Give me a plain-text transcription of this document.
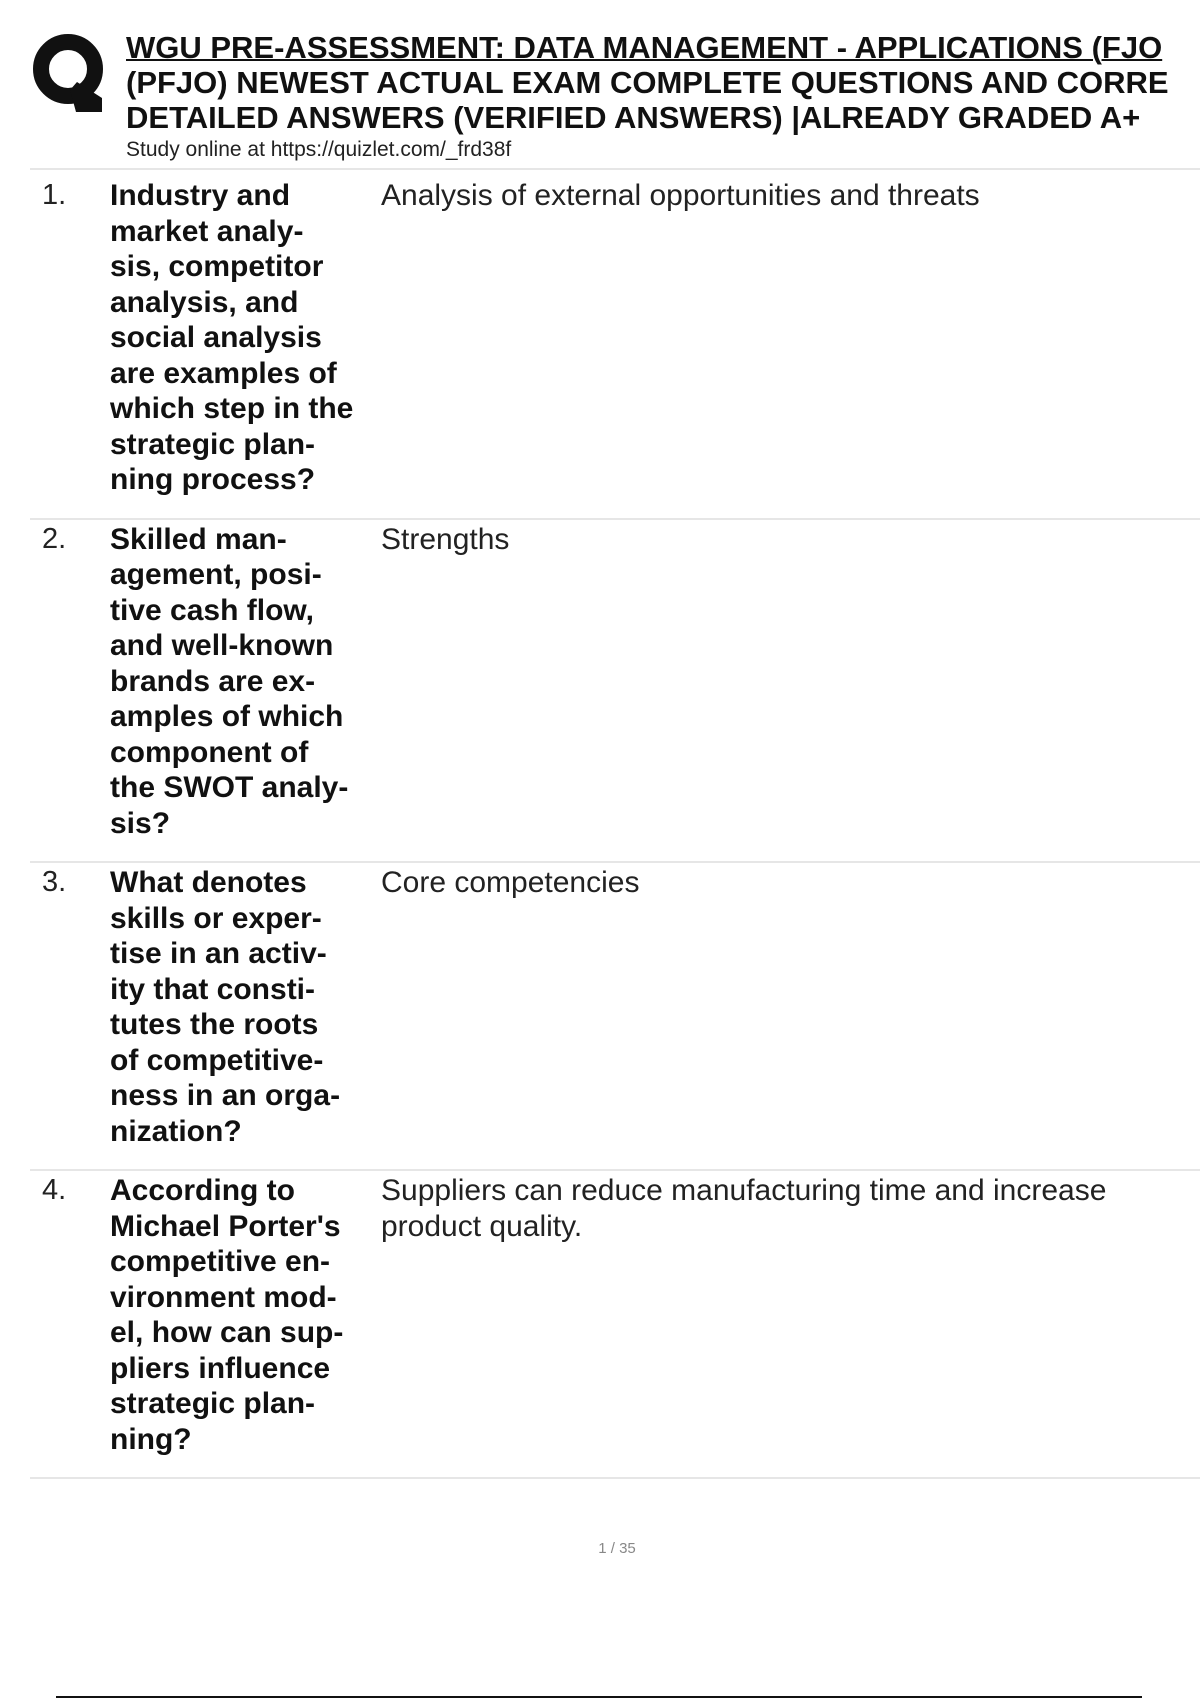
WGU PRE-ASSESSMENT: DATA MANAGEMENT - APPLICATIONS (FJO
(PFJO) NEWEST ACTUAL EXAM COMPLETE QUESTIONS AND CORRE
DETAILED ANSWERS (VERIFIED ANSWERS) |ALREADY GRADED A+
Study online at https://quizlet.com/_frd38f
1. Industry and
market analy-
sis, competitor
analysis, and
social analysis
are examples of
which step in the
strategic plan-
ning process?
Analysis of external opportunities and threats
2. Skilled man-
agement, posi-
tive cash flow,
and well-known
brands are ex-
amples of which
component of
the SWOT analy-
sis?
Strengths
3. What denotes
skills or exper-
tise in an activ-
ity that consti-
tutes the roots
of competitive-
ness in an orga-
nization?
Core competencies
4. According to
Michael Porter's
competitive en-
vironment mod-
el, how can sup-
pliers influence
strategic plan-
ning?
Suppliers can reduce manufacturing time and increase product quality.
1 / 35
